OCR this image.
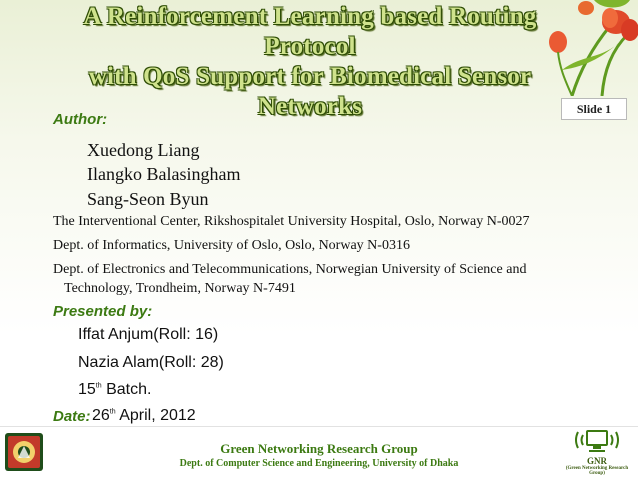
A Reinforcement Learning based Routing
Protocol
with QoS Support for Biomedical Sensor
Networks	Slide 1
Author:
Xuedong Liang
Ilangko Balasingham
Sang-Seon Byun
The Interventional Center, Rikshospitalet University Hospital, Oslo, Norway N-0027
Dept. of Informatics, University of Oslo, Oslo, Norway N-0316
Dept. of Electronics and Telecommunications, Norwegian University of Science and
Technology, Trondheim, Norway N-7491
Presented by:
Iffat Anjum(Roll: 16)
Nazia Alam(Roll: 28)
15th Batch.
Date: 26th April, 2012
Green Networking Research Group
Dept. of Computer Science and Engineering, University of Dhaka	GNR
(Green Networking Research Group)
